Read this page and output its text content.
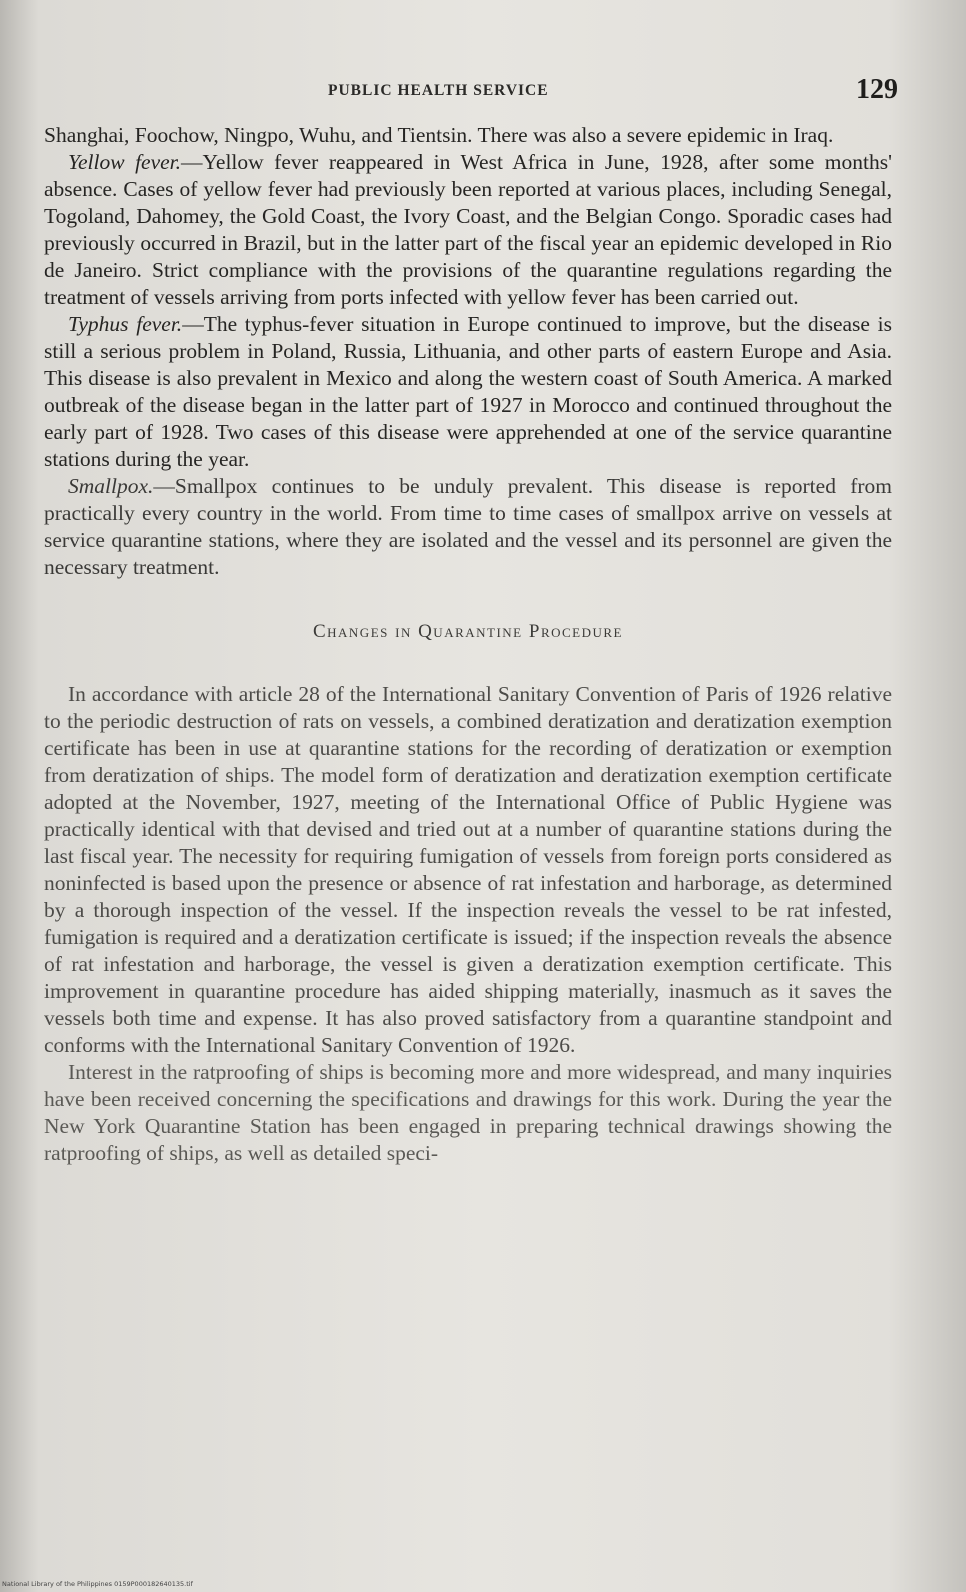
PUBLIC HEALTH SERVICE	129

Shanghai, Foochow, Ningpo, Wuhu, and Tientsin. There was also a severe epidemic in Iraq.

Yellow fever.—Yellow fever reappeared in West Africa in June, 1928, after some months' absence. Cases of yellow fever had previously been reported at various places, including Senegal, Togoland, Dahomey, the Gold Coast, the Ivory Coast, and the Belgian Congo. Sporadic cases had previously occurred in Brazil, but in the latter part of the fiscal year an epidemic developed in Rio de Janeiro. Strict compliance with the provisions of the quarantine regulations regarding the treatment of vessels arriving from ports infected with yellow fever has been carried out.

Typhus fever.—The typhus-fever situation in Europe continued to improve, but the disease is still a serious problem in Poland, Russia, Lithuania, and other parts of eastern Europe and Asia. This disease is also prevalent in Mexico and along the western coast of South America. A marked outbreak of the disease began in the latter part of 1927 in Morocco and continued throughout the early part of 1928. Two cases of this disease were apprehended at one of the service quarantine stations during the year.

Smallpox.—Smallpox continues to be unduly prevalent. This disease is reported from practically every country in the world. From time to time cases of smallpox arrive on vessels at service quarantine stations, where they are isolated and the vessel and its personnel are given the necessary treatment.

Changes in Quarantine Procedure

In accordance with article 28 of the International Sanitary Convention of Paris of 1926 relative to the periodic destruction of rats on vessels, a combined deratization and deratization exemption certificate has been in use at quarantine stations for the recording of deratization or exemption from deratization of ships. The model form of deratization and deratization exemption certificate adopted at the November, 1927, meeting of the International Office of Public Hygiene was practically identical with that devised and tried out at a number of quarantine stations during the last fiscal year. The necessity for requiring fumigation of vessels from foreign ports considered as noninfected is based upon the presence or absence of rat infestation and harborage, as determined by a thorough inspection of the vessel. If the inspection reveals the vessel to be rat infested, fumigation is required and a deratization certificate is issued; if the inspection reveals the absence of rat infestation and harborage, the vessel is given a deratization exemption certificate. This improvement in quarantine procedure has aided shipping materially, inasmuch as it saves the vessels both time and expense. It has also proved satisfactory from a quarantine standpoint and conforms with the International Sanitary Convention of 1926.

Interest in the ratproofing of ships is becoming more and more widespread, and many inquiries have been received concerning the specifications and drawings for this work. During the year the New York Quarantine Station has been engaged in preparing technical drawings showing the ratproofing of ships, as well as detailed speci-

National Library of the Philippines 0159P000182640135.tif
